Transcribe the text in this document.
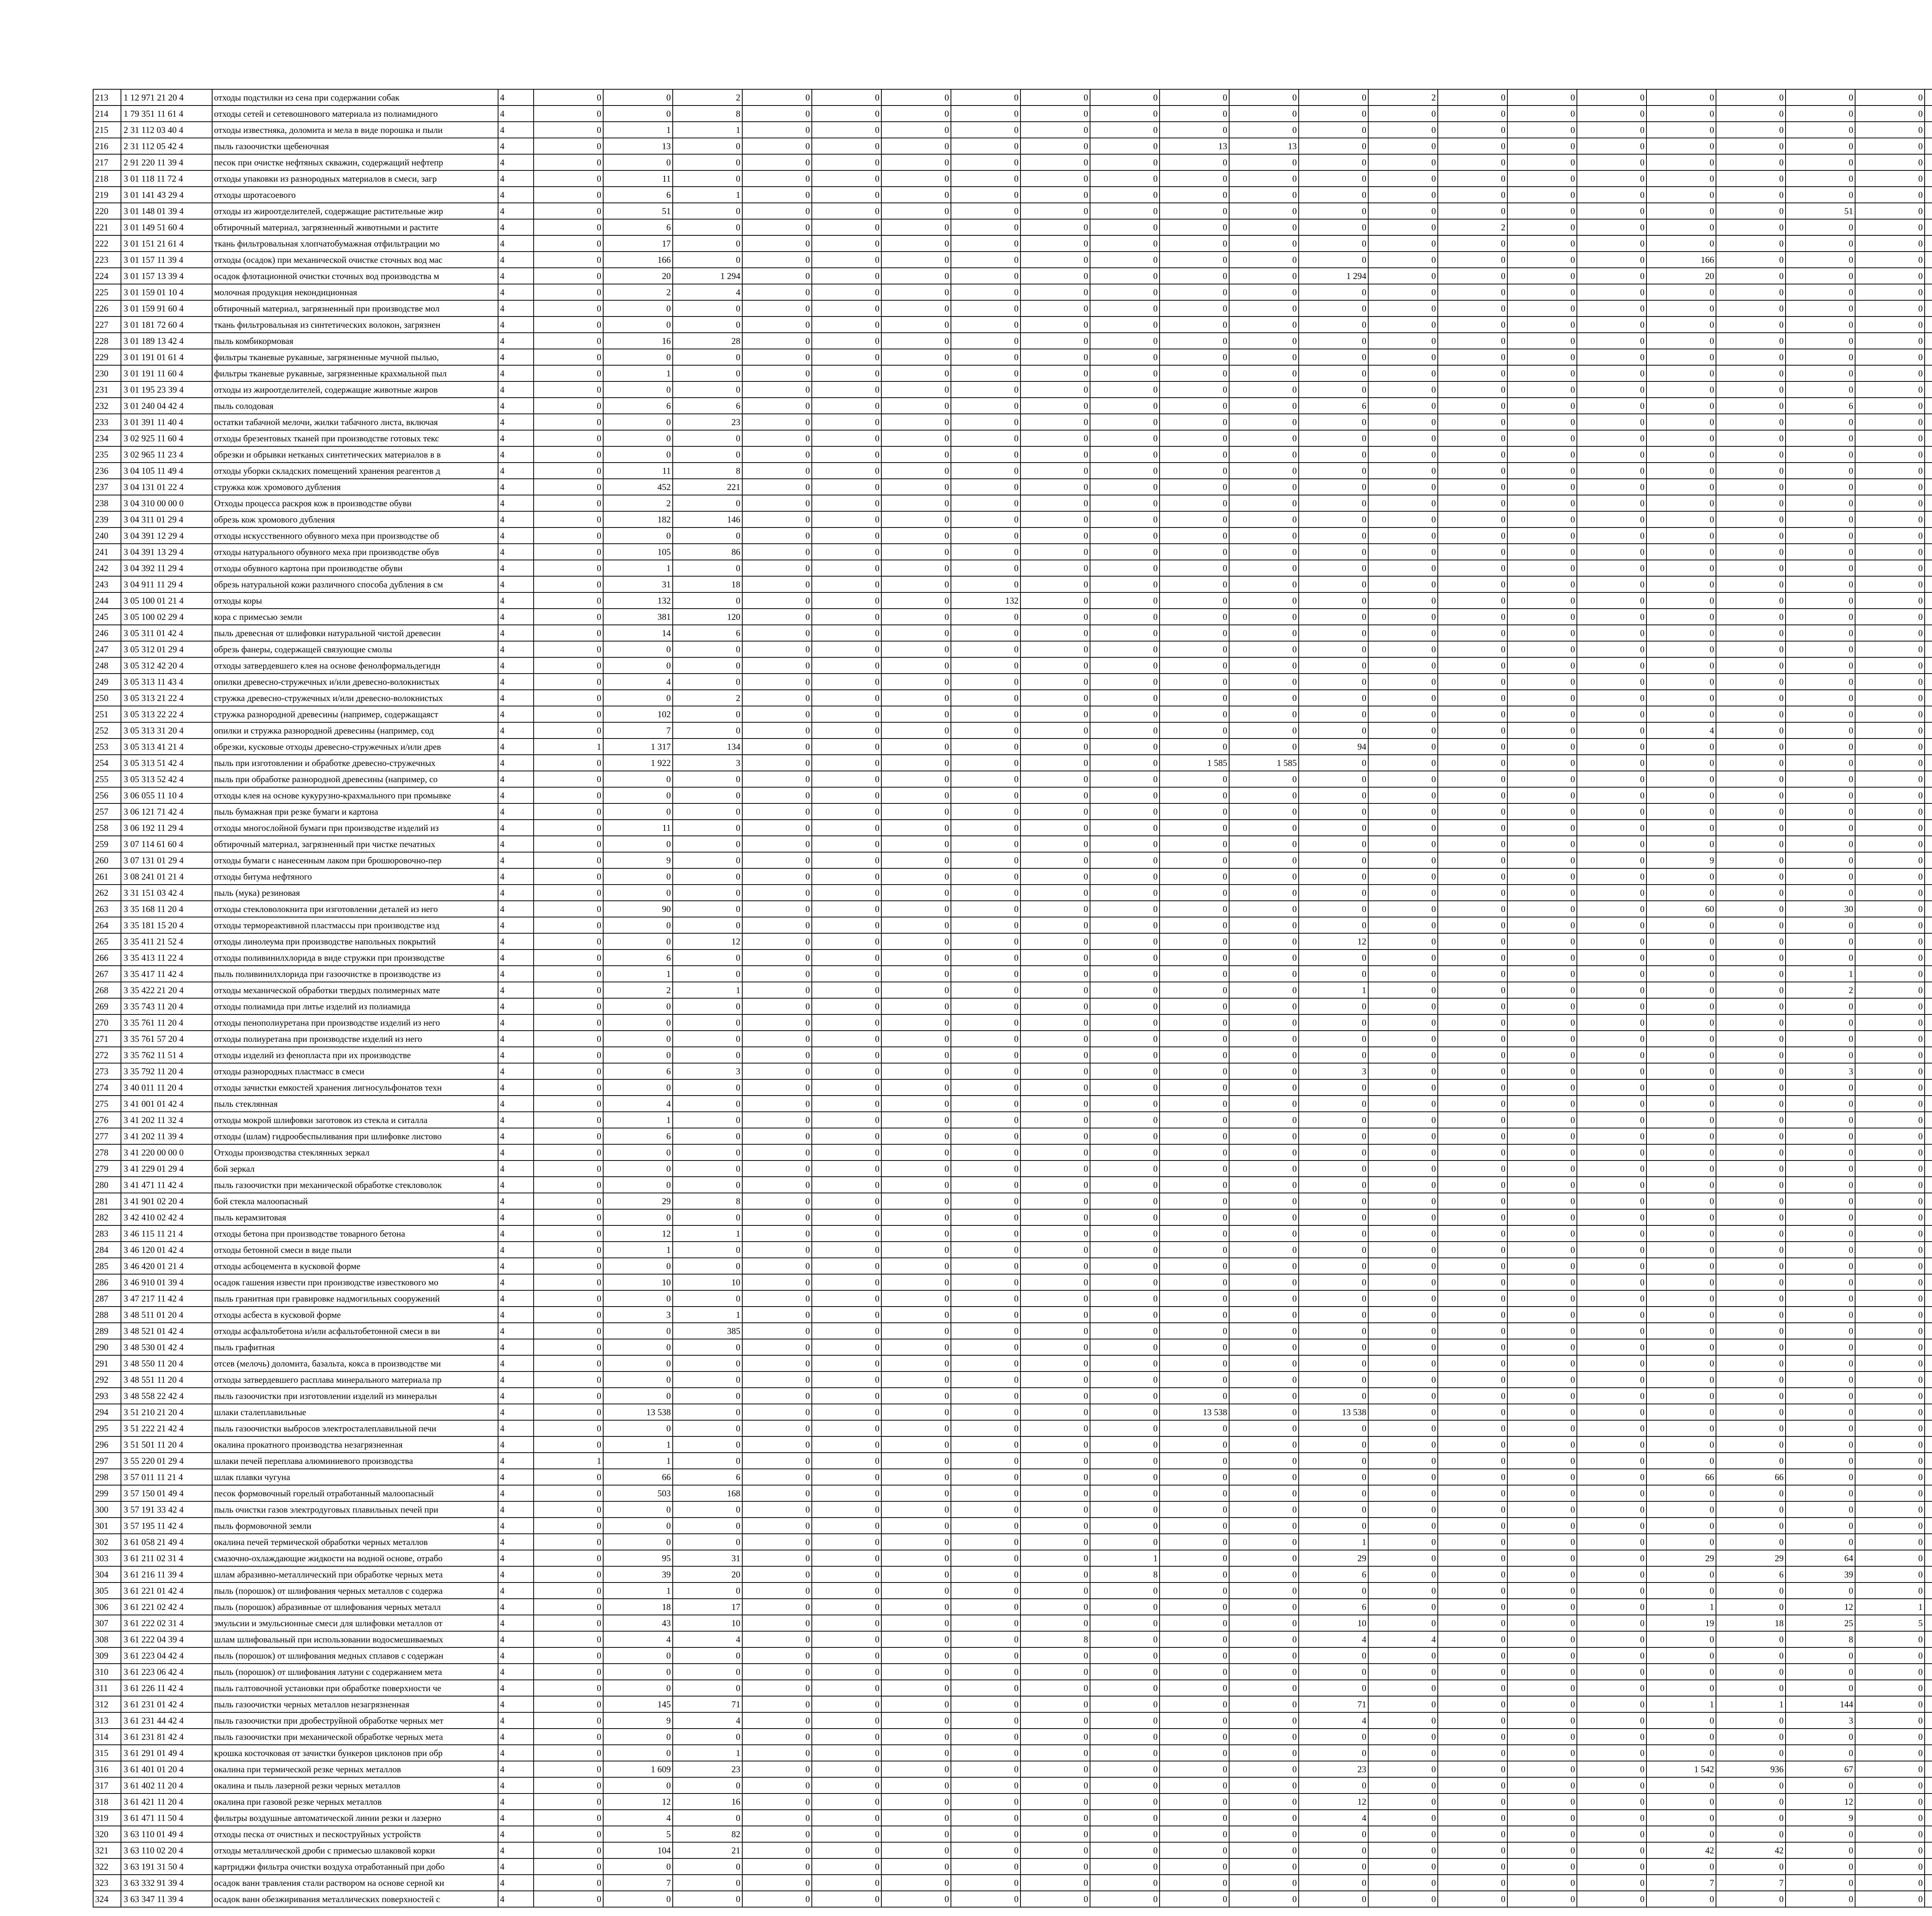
213	1 12 971 21 20 4	отходы подстилки из сена при содержании собак	4	0	0	2	0	0	0	0	0	0	0	0	0	2	0	0	0	0	0	0	0											
214	1 79 351 11 61 4	отходы сетей и сетевошнового материала из полиамидного	4	0	0	8	0	0	0	0	0	0	0	0	0	0	0	0	0	0	0	0	0											
215	2 31 112 03 40 4	отходы известняка, доломита и мела в виде порошка и пыли	4	0	1	1	0	0	0	0	0	0	0	0	0	0	0	0	0	0	0	0	0											
216	2 31 112 05 42 4	пыль газоочистки щебеночная	4	0	13	0	0	0	0	0	0	0	13	13	0	0	0	0	0	0	0	0	0											
217	2 91 220 11 39 4	песок при очистке нефтяных скважин, содержащий нефтепр	4	0	0	0	0	0	0	0	0	0	0	0	0	0	0	0	0	0	0	0	0											
218	3 01 118 11 72 4	отходы упаковки из разнородных материалов в смеси, загр	4	0	11	0	0	0	0	0	0	0	0	0	0	0	0	0	0	0	0	0	0											
219	3 01 141 43 29 4	отходы шротасоевого	4	0	6	1	0	0	0	0	0	0	0	0	0	0	0	0	0	0	0	0	0											
220	3 01 148 01 39 4	отходы из жироотделителей, содержащие растительные жир	4	0	51	0	0	0	0	0	0	0	0	0	0	0	0	0	0	0	0	51	0											
221	3 01 149 51 60 4	обтирочный материал, загрязненный животными и растите	4	0	6	0	0	0	0	0	0	0	0	0	0	0	2	0	0	0	0	0	0											
222	3 01 151 21 61 4	ткань фильтровальная хлопчатобумажная отфильтрации мо	4	0	17	0	0	0	0	0	0	0	0	0	0	0	0	0	0	0	0	0	0											
223	3 01 157 11 39 4	отходы (осадок) при механической очистке сточных вод мас	4	0	166	0	0	0	0	0	0	0	0	0	0	0	0	0	0	166	0	0	0											
224	3 01 157 13 39 4	осадок флотационной очистки сточных вод производства м	4	0	20	1 294	0	0	0	0	0	0	0	0	1 294	0	0	0	0	20	0	0	0											
225	3 01 159 01 10 4	молочная продукция некондиционная	4	0	2	4	0	0	0	0	0	0	0	0	0	0	0	0	0	0	0	0	0											
226	3 01 159 91 60 4	обтирочный материал, загрязненный при производстве мол	4	0	0	0	0	0	0	0	0	0	0	0	0	0	0	0	0	0	0	0	0											
227	3 01 181 72 60 4	ткань фильтровальная из синтетических волокон, загрязнен	4	0	0	0	0	0	0	0	0	0	0	0	0	0	0	0	0	0	0	0	0											
228	3 01 189 13 42 4	пыль комбикормовая	4	0	16	28	0	0	0	0	0	0	0	0	0	0	0	0	0	0	0	0	0											
229	3 01 191 01 61 4	фильтры тканевые рукавные, загрязненные мучной пылью,	4	0	0	0	0	0	0	0	0	0	0	0	0	0	0	0	0	0	0	0	0											
230	3 01 191 11 60 4	фильтры тканевые рукавные, загрязненные крахмальной пыл	4	0	1	0	0	0	0	0	0	0	0	0	0	0	0	0	0	0	0	0	0											
231	3 01 195 23 39 4	отходы из жироотделителей, содержащие животные жиров	4	0	0	0	0	0	0	0	0	0	0	0	0	0	0	0	0	0	0	0	0											
232	3 01 240 04 42 4	пыль солодовая	4	0	6	6	0	0	0	0	0	0	0	0	6	0	0	0	0	0	0	6	0											
233	3 01 391 11 40 4	остатки табачной мелочи, жилки табачного листа, включая	4	0	0	23	0	0	0	0	0	0	0	0	0	0	0	0	0	0	0	0	0											
234	3 02 925 11 60 4	отходы брезентовых тканей при производстве готовых текс	4	0	0	0	0	0	0	0	0	0	0	0	0	0	0	0	0	0	0	0	0											
235	3 02 965 11 23 4	обрезки и обрывки нетканых синтетических материалов в в	4	0	0	0	0	0	0	0	0	0	0	0	0	0	0	0	0	0	0	0	0											
236	3 04 105 11 49 4	отходы уборки складских помещений хранения реагентов д	4	0	11	8	0	0	0	0	0	0	0	0	0	0	0	0	0	0	0	0	0											
237	3 04 131 01 22 4	стружка кож хромового дубления	4	0	452	221	0	0	0	0	0	0	0	0	0	0	0	0	0	0	0	0	0											
238	3 04 310 00 00 0	Отходы процесса раскроя кож в производстве обуви	4	0	2	0	0	0	0	0	0	0	0	0	0	0	0	0	0	0	0	0	0											
239	3 04 311 01 29 4	обрезь кож хромового дубления	4	0	182	146	0	0	0	0	0	0	0	0	0	0	0	0	0	0	0	0	0											
240	3 04 391 12 29 4	отходы искусственного обувного меха при производстве об	4	0	0	0	0	0	0	0	0	0	0	0	0	0	0	0	0	0	0	0	0											
241	3 04 391 13 29 4	отходы натурального обувного меха при производстве обув	4	0	105	86	0	0	0	0	0	0	0	0	0	0	0	0	0	0	0	0	0											
242	3 04 392 11 29 4	отходы обувного картона при производстве обуви	4	0	1	0	0	0	0	0	0	0	0	0	0	0	0	0	0	0	0	0	0											
243	3 04 911 11 29 4	обрезь натуральной кожи различного способа дубления в см	4	0	31	18	0	0	0	0	0	0	0	0	0	0	0	0	0	0	0	0	0											
244	3 05 100 01 21 4	отходы коры	4	0	132	0	0	0	0	132	0	0	0	0	0	0	0	0	0	0	0	0	0											
245	3 05 100 02 29 4	кора с примесью земли	4	0	381	120	0	0	0	0	0	0	0	0	0	0	0	0	0	0	0	0	0											
246	3 05 311 01 42 4	пыль древесная от шлифовки натуральной чистой древесин	4	0	14	6	0	0	0	0	0	0	0	0	0	0	0	0	0	0	0	0	0											
247	3 05 312 01 29 4	обрезь фанеры, содержащей связующие смолы	4	0	0	0	0	0	0	0	0	0	0	0	0	0	0	0	0	0	0	0	0											
248	3 05 312 42 20 4	отходы затвердевшего клея на основе фенолформальдегидн	4	0	0	0	0	0	0	0	0	0	0	0	0	0	0	0	0	0	0	0	0											
249	3 05 313 11 43 4	опилки древесно-стружечных и/или древесно-волокнистых	4	0	4	0	0	0	0	0	0	0	0	0	0	0	0	0	0	0	0	0	0											
250	3 05 313 21 22 4	стружка древесно-стружечных и/или древесно-волокнистых	4	0	0	2	0	0	0	0	0	0	0	0	0	0	0	0	0	0	0	0	0											
251	3 05 313 22 22 4	стружка разнородной древесины (например, содержащаяст	4	0	102	0	0	0	0	0	0	0	0	0	0	0	0	0	0	0	0	0	0											
252	3 05 313 31 20 4	опилки и стружка разнородной древесины (например, сод	4	0	7	0	0	0	0	0	0	0	0	0	0	0	0	0	0	4	0	0	0											
253	3 05 313 41 21 4	обрезки, кусковые отходы древесно-стружечных и/или древ	4	1	1 317	134	0	0	0	0	0	0	0	0	94	0	0	0	0	0	0	0	0											
254	3 05 313 51 42 4	пыль при изготовлении и обработке древесно-стружечных	4	0	1 922	3	0	0	0	0	0	0	1 585	1 585	0	0	0	0	0	0	0	0	0											
255	3 05 313 52 42 4	пыль при обработке разнородной древесины (например, со	4	0	0	0	0	0	0	0	0	0	0	0	0	0	0	0	0	0	0	0	0											
256	3 06 055 11 10 4	отходы клея на основе кукурузно-крахмального при промывке	4	0	0	0	0	0	0	0	0	0	0	0	0	0	0	0	0	0	0	0	0											
257	3 06 121 71 42 4	пыль бумажная при резке бумаги и картона	4	0	0	0	0	0	0	0	0	0	0	0	0	0	0	0	0	0	0	0	0											
258	3 06 192 11 29 4	отходы многослойной бумаги при производстве изделий из	4	0	11	0	0	0	0	0	0	0	0	0	0	0	0	0	0	0	0	0	0											
259	3 07 114 61 60 4	обтирочный материал, загрязненный при чистке печатных	4	0	0	0	0	0	0	0	0	0	0	0	0	0	0	0	0	0	0	0	0											
260	3 07 131 01 29 4	отходы бумаги с нанесенным лаком при брошюровочно-пер	4	0	9	0	0	0	0	0	0	0	0	0	0	0	0	0	0	9	0	0	0											
261	3 08 241 01 21 4	отходы битума нефтяного	4	0	0	0	0	0	0	0	0	0	0	0	0	0	0	0	0	0	0	0	0											
262	3 31 151 03 42 4	пыль (мука) резиновая	4	0	0	0	0	0	0	0	0	0	0	0	0	0	0	0	0	0	0	0	0											
263	3 35 168 11 20 4	отходы стекловолокнита при изготовлении деталей из него	4	0	90	0	0	0	0	0	0	0	0	0	0	0	0	0	0	60	0	30	0											
264	3 35 181 15 20 4	отходы термореактивной пластмассы при производстве изд	4	0	0	0	0	0	0	0	0	0	0	0	0	0	0	0	0	0	0	0	0											
265	3 35 411 21 52 4	отходы линолеума при производстве напольных покрытий	4	0	0	12	0	0	0	0	0	0	0	0	12	0	0	0	0	0	0	0	0											
266	3 35 413 11 22 4	отходы поливинилхлорида в виде стружки при производстве	4	0	6	0	0	0	0	0	0	0	0	0	0	0	0	0	0	0	0	0	0											
267	3 35 417 11 42 4	пыль поливинилхлорида при газоочистке в производстве из	4	0	1	0	0	0	0	0	0	0	0	0	0	0	0	0	0	0	0	1	0											
268	3 35 422 21 20 4	отходы механической обработки твердых полимерных мате	4	0	2	1	0	0	0	0	0	0	0	0	1	0	0	0	0	0	0	2	0											
269	3 35 743 11 20 4	отходы полиамида при литье изделий из полиамида	4	0	0	0	0	0	0	0	0	0	0	0	0	0	0	0	0	0	0	0	0											
270	3 35 761 11 20 4	отходы пенополиуретана при производстве изделий из него	4	0	0	0	0	0	0	0	0	0	0	0	0	0	0	0	0	0	0	0	0											
271	3 35 761 57 20 4	отходы полиуретана при производстве изделий из него	4	0	0	0	0	0	0	0	0	0	0	0	0	0	0	0	0	0	0	0	0											
272	3 35 762 11 51 4	отходы изделий из фенопласта при их производстве	4	0	0	0	0	0	0	0	0	0	0	0	0	0	0	0	0	0	0	0	0											
273	3 35 792 11 20 4	отходы разнородных пластмасс в смеси	4	0	6	3	0	0	0	0	0	0	0	0	3	0	0	0	0	0	0	3	0											
274	3 40 011 11 20 4	отходы зачистки емкостей хранения лигносульфонатов техн	4	0	0	0	0	0	0	0	0	0	0	0	0	0	0	0	0	0	0	0	0											
275	3 41 001 01 42 4	пыль стеклянная	4	0	4	0	0	0	0	0	0	0	0	0	0	0	0	0	0	0	0	0	0											
276	3 41 202 11 32 4	отходы мокрой шлифовки заготовок из стекла и ситалла	4	0	1	0	0	0	0	0	0	0	0	0	0	0	0	0	0	0	0	0	0											
277	3 41 202 11 39 4	отходы (шлам) гидрообеспыливания при шлифовке листово	4	0	6	0	0	0	0	0	0	0	0	0	0	0	0	0	0	0	0	0	0											
278	3 41 220 00 00 0	Отходы производства стеклянных зеркал	4	0	0	0	0	0	0	0	0	0	0	0	0	0	0	0	0	0	0	0	0											
279	3 41 229 01 29 4	бой зеркал	4	0	0	0	0	0	0	0	0	0	0	0	0	0	0	0	0	0	0	0	0											
280	3 41 471 11 42 4	пыль газоочистки при механической обработке стекловолок	4	0	0	0	0	0	0	0	0	0	0	0	0	0	0	0	0	0	0	0	0											
281	3 41 901 02 20 4	бой стекла малоопасный	4	0	29	8	0	0	0	0	0	0	0	0	0	0	0	0	0	0	0	0	0											
282	3 42 410 02 42 4	пыль керамзитовая	4	0	0	0	0	0	0	0	0	0	0	0	0	0	0	0	0	0	0	0	0											
283	3 46 115 11 21 4	отходы бетона при производстве товарного бетона	4	0	12	1	0	0	0	0	0	0	0	0	0	0	0	0	0	0	0	0	0											
284	3 46 120 01 42 4	отходы бетонной смеси в виде пыли	4	0	1	0	0	0	0	0	0	0	0	0	0	0	0	0	0	0	0	0	0											
285	3 46 420 01 21 4	отходы асбоцемента в кусковой форме	4	0	0	0	0	0	0	0	0	0	0	0	0	0	0	0	0	0	0	0	0											
286	3 46 910 01 39 4	осадок гашения извести при производстве известкового мо	4	0	10	10	0	0	0	0	0	0	0	0	0	0	0	0	0	0	0	0	0											
287	3 47 217 11 42 4	пыль гранитная при гравировке надмогильных сооружений	4	0	0	0	0	0	0	0	0	0	0	0	0	0	0	0	0	0	0	0	0											
288	3 48 511 01 20 4	отходы асбеста в кусковой форме	4	0	3	1	0	0	0	0	0	0	0	0	0	0	0	0	0	0	0	0	0											
289	3 48 521 01 42 4	отходы асфальтобетона и/или асфальтобетонной смеси в ви	4	0	0	385	0	0	0	0	0	0	0	0	0	0	0	0	0	0	0	0	0											
290	3 48 530 01 42 4	пыль графитная	4	0	0	0	0	0	0	0	0	0	0	0	0	0	0	0	0	0	0	0	0											
291	3 48 550 11 20 4	отсев (мелочь) доломита, базальта, кокса в производстве ми	4	0	0	0	0	0	0	0	0	0	0	0	0	0	0	0	0	0	0	0	0											
292	3 48 551 11 20 4	отходы затвердевшего расплава минерального материала пр	4	0	0	0	0	0	0	0	0	0	0	0	0	0	0	0	0	0	0	0	0											
293	3 48 558 22 42 4	пыль газоочистки при изготовлении изделий из минеральн	4	0	0	0	0	0	0	0	0	0	0	0	0	0	0	0	0	0	0	0	0											
294	3 51 210 21 20 4	шлаки сталеплавильные	4	0	13 538	0	0	0	0	0	0	0	13 538	0	13 538	0	0	0	0	0	0	0	0											
295	3 51 222 21 42 4	пыль газоочистки выбросов электросталеплавильной печи	4	0	0	0	0	0	0	0	0	0	0	0	0	0	0	0	0	0	0	0	0											
296	3 51 501 11 20 4	окалина прокатного производства незагрязненная	4	0	1	0	0	0	0	0	0	0	0	0	0	0	0	0	0	0	0	0	0											
297	3 55 220 01 29 4	шлаки печей переплава алюминиевого производства	4	1	1	0	0	0	0	0	0	0	0	0	0	0	0	0	0	0	0	0	0											
298	3 57 011 11 21 4	шлак плавки чугуна	4	0	66	6	0	0	0	0	0	0	0	0	0	0	0	0	0	66	66	0	0											
299	3 57 150 01 49 4	песок формовочный горелый отработанный малоопасный	4	0	503	168	0	0	0	0	0	0	0	0	0	0	0	0	0	0	0	0	0											
300	3 57 191 33 42 4	пыль очистки газов электродуговых плавильных печей при	4	0	0	0	0	0	0	0	0	0	0	0	0	0	0	0	0	0	0	0	0											
301	3 57 195 11 42 4	пыль формовочной земли	4	0	0	0	0	0	0	0	0	0	0	0	0	0	0	0	0	0	0	0	0											
302	3 61 058 21 49 4	окалина печей термической обработки черных металлов	4	0	0	0	0	0	0	0	0	0	0	0	1	0	0	0	0	0	0	0	0											
303	3 61 211 02 31 4	смазочно-охлаждающие жидкости на водной основе, отрабо	4	0	95	31	0	0	0	0	0	1	0	0	29	0	0	0	0	29	29	64	0											
304	3 61 216 11 39 4	шлам абразивно-металлический при обработке черных мета	4	0	39	20	0	0	0	0	0	8	0	0	6	0	0	0	0	0	6	39	0											
305	3 61 221 01 42 4	пыль (порошок) от шлифования черных металлов с содержа	4	0	1	0	0	0	0	0	0	0	0	0	0	0	0	0	0	0	0	0	0											
306	3 61 221 02 42 4	пыль (порошок) абразивные от шлифования черных металл	4	0	18	17	0	0	0	0	0	0	0	0	6	0	0	0	0	1	0	12	1											
307	3 61 222 02 31 4	эмульсии и эмульсионные смеси для шлифовки металлов от	4	0	43	10	0	0	0	0	0	0	0	0	10	0	0	0	0	19	18	25	5											
308	3 61 222 04 39 4	шлам шлифовальный при использовании водосмешиваемых	4	0	4	4	0	0	0	0	8	0	0	0	4	4	0	0	0	0	0	8	0											
309	3 61 223 04 42 4	пыль (порошок) от шлифования медных сплавов с содержан	4	0	0	0	0	0	0	0	0	0	0	0	0	0	0	0	0	0	0	0	0											
310	3 61 223 06 42 4	пыль (порошок) от шлифования латуни с содержанием мета	4	0	0	0	0	0	0	0	0	0	0	0	0	0	0	0	0	0	0	0	0											
311	3 61 226 11 42 4	пыль галтовочной установки при обработке поверхности че	4	0	0	0	0	0	0	0	0	0	0	0	0	0	0	0	0	0	0	0	0											
312	3 61 231 01 42 4	пыль газоочистки черных металлов незагрязненная	4	0	145	71	0	0	0	0	0	0	0	0	71	0	0	0	0	1	1	144	0											
313	3 61 231 44 42 4	пыль газоочистки при дробеструйной обработке черных мет	4	0	9	4	0	0	0	0	0	0	0	0	4	0	0	0	0	0	0	3	0											
314	3 61 231 81 42 4	пыль газоочистки при механической обработке черных мета	4	0	0	0	0	0	0	0	0	0	0	0	0	0	0	0	0	0	0	0	0											
315	3 61 291 01 49 4	крошка косточковая от зачистки бункеров циклонов при обр	4	0	0	1	0	0	0	0	0	0	0	0	0	0	0	0	0	0	0	0	0											
316	3 61 401 01 20 4	окалина при термической резке черных металлов	4	0	1 609	23	0	0	0	0	0	0	0	0	23	0	0	0	0	1 542	936	67	0											
317	3 61 402 11 20 4	окалина и пыль лазерной резки черных металлов	4	0	0	0	0	0	0	0	0	0	0	0	0	0	0	0	0	0	0	0	0											
318	3 61 421 11 20 4	окалина при газовой резке черных металлов	4	0	12	16	0	0	0	0	0	0	0	0	12	0	0	0	0	0	0	12	0											
319	3 61 471 11 50 4	фильтры воздушные автоматической линии резки и лазерно	4	0	4	0	0	0	0	0	0	0	0	0	4	0	0	0	0	0	0	9	0											
320	3 63 110 01 49 4	отходы песка от очистных и пескоструйных устройств	4	0	5	82	0	0	0	0	0	0	0	0	0	0	0	0	0	0	0	0	0											
321	3 63 110 02 20 4	отходы металлической дроби с примесью шлаковой корки	4	0	104	21	0	0	0	0	0	0	0	0	0	0	0	0	0	42	42	0	0											
322	3 63 191 31 50 4	картриджи фильтра очистки воздуха отработанный при добо	4	0	0	0	0	0	0	0	0	0	0	0	0	0	0	0	0	0	0	0	0											
323	3 63 332 91 39 4	осадок ванн травления стали раствором на основе серной ки	4	0	7	0	0	0	0	0	0	0	0	0	0	0	0	0	0	7	7	0	0											
324	3 63 347 11 39 4	осадок ванн обезжиривания металлических поверхностей с	4	0	0	0	0	0	0	0	0	0	0	0	0	0	0	0	0	0	0	0	0											
